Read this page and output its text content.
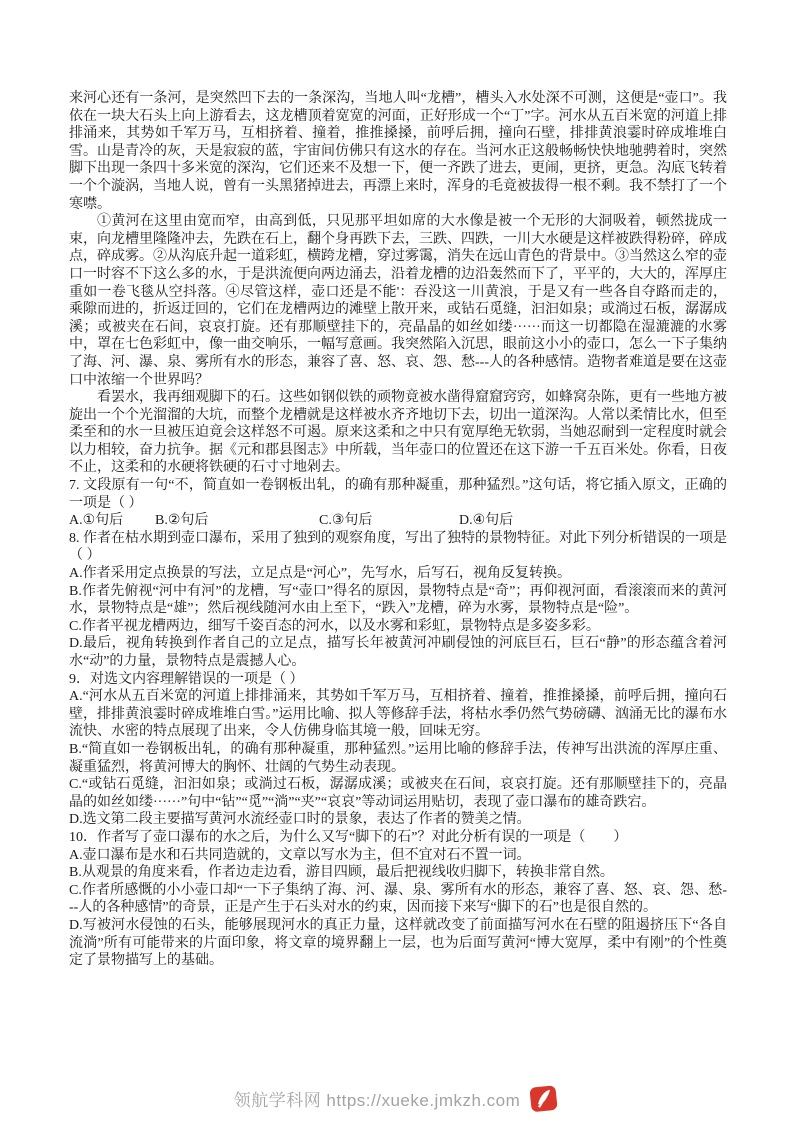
来河心还有一条河，是突然凹下去的一条深沟，当地人叫“龙槽”，槽头入水处深不可测，这便是“壶口”。我依在一块大石头上向上游看去，这龙槽顶着宽宽的河面，正好形成一个“丁”字。河水从五百米宽的河道上排排涌来，其势如千军万马，互相挤着、撞着，推推搡搡，前呼后拥，撞向石壁，排排黄浪霎时碎成堆堆白雪。山是青冷的灰，天是寂寂的蓝，宇宙间仿佛只有这水的存在。当河水正这般畅畅快快地驰骋着时，突然脚下出现一条四十多米宽的深沟，它们还来不及想一下，便一齐跌了进去，更闹，更挤，更急。沟底飞转着一个个漩涡，当地人说，曾有一头黑猪掉进去，再漂上来时，浑身的毛竟被拔得一根不剩。我不禁打了一个寒噤。

①黄河在这里由宽而窄，由高到低，只见那平坦如席的大水像是被一个无形的大洞吸着，顿然拢成一束，向龙槽里隆隆冲去，先跌在石上，翻个身再跌下去，三跌、四跌，一川大水硬是这样被跌得粉碎，碎成点，碎成雾。②从沟底升起一道彩虹，横跨龙槽，穿过雾霭，消失在远山青色的背景中。③当然这么窄的壶口一时容不下这么多的水，于是洪流便向两边涌去，沿着龙槽的边沿轰然而下了，平平的，大大的，浑厚庄重如一卷飞毯从空抖落。④尽管这样，壶口还是不能'：吞没这一川黄浪，于是又有一些各自夺路而走的，乘隙而进的，折返迂回的，它们在龙槽两边的滩壁上散开来，或钻石觅缝，汩汩如泉；或淌过石板，潺潺成溪；或被夹在石间，哀哀打旋。还有那顺壁挂下的，亮晶晶的如丝如缕······而这一切都隐在湿漉漉的水雾中，罩在七色彩虹中，像一曲交响乐，一幅写意画。我突然陷入沉思，眼前这小小的壶口，怎么一下子集纳了海、河、瀑、泉、雾所有水的形态，兼容了喜、怒、哀、怨、愁---人的各种感情。造物者难道是要在这壶口中浓缩一个世界吗？

看罢水，我再细观脚下的石。这些如钢似铁的顽物竟被水凿得窟窟窍窍，如蜂窝杂陈，更有一些地方被旋出一个个光溜溜的大坑，而整个龙槽就是这样被水齐齐地切下去，切出一道深沟。人常以柔情比水，但至柔至和的水一旦被压迫竟会这样怒不可遏。原来这柔和之中只有宽厚绝无软弱，当她忍耐到一定程度时就会以力相较，奋力抗争。据《元和郡县图志》中所载，当年壶口的位置还在这下游一千五百米处。你看，日夜不止，这柔和的水硬将铁硬的石寸寸地剁去。

7. 文段原有一句“不，简直如一卷钢板出轧，的确有那种凝重，那种猛烈。”这句话，将它插入原文，正确的一项是（ ）

A.①句后	B.②句后	C.③句后	D.④句后

8. 作者在枯水期到壶口瀑布，采用了独到的观察角度，写出了独特的景物特征。对此下列分析错误的一项是（ ）

A.作者采用定点换景的写法，立足点是“河心”，先写水，后写石，视角反复转换。

B.作者先俯视“河中有河”的龙槽，写“壶口”得名的原因，景物特点是“奇”；再仰视河面，看滚滚而来的黄河水，景物特点是“雄”；然后视线随河水由上至下，“跌入”龙槽，碎为水雾，景物特点是“险”。

C.作者平视龙槽两边，细写千姿百态的河水，以及水雾和彩虹，景物特点是多姿多彩。

D.最后，视角转换到作者自己的立足点，描写长年被黄河冲刷侵蚀的河底巨石，巨石“静”的形态蕴含着河水“动”的力量，景物特点是震撼人心。

9．对选文内容理解错误的一项是（ ）

A.“河水从五百米宽的河道上排排涌来，其势如千军万马，互相挤着、撞着，推推搡搡，前呼后拥，撞向石壁，排排黄浪霎时碎成堆堆白雪。”运用比喻、拟人等修辞手法，将枯水季仍然气势磅礴、汹涌无比的瀑布水流快、水密的特点展现了出来，令人仿佛身临其境一般，回味无穷。

B.“简直如一卷钢板出轧，的确有那种凝重，那种猛烈。”运用比喻的修辞手法，传神写出洪流的浑厚庄重、凝重猛烈，将黄河博大的胸怀、壮阔的气势生动表现。

C.“或钻石觅缝，汩汩如泉；或淌过石板，潺潺成溪；或被夹在石间，哀哀打旋。还有那顺壁挂下的，亮晶晶的如丝如缕······”句中“钻”“觅”“淌”“夹”“哀哀”等动词运用贴切，表现了壶口瀑布的雄奇跌宕。

D.选文第二段主要描写黄河水流经壶口时的景象，表达了作者的赞美之情。

10．作者写了壶口瀑布的水之后，为什么又写“脚下的石”？对此分析有误的一项是（　　）

A.壶口瀑布是水和石共同造就的，文章以写水为主，但不宜对石不置一词。

B.从观景的角度来看，作者边走边看，游目四顾，最后把视线收归脚下，转换非常自然。

C.作者所感慨的小小壶口却“一下子集纳了海、河、瀑、泉、雾所有水的形态，兼容了喜、怒、哀、怨、愁---人的各种感情”的奇景，正是产生于石头对水的约束，因而接下来写“脚下的石”也是很自然的。

D.写被河水侵蚀的石头，能够展现河水的真正力量，这样就改变了前面描写河水在石壁的阻遏挤压下“各自流淌”所有可能带来的片面印象，将文章的境界翻上一层，也为后面写黄河“博大宽厚，柔中有刚”的个性奠定了景物描写上的基础。

领航学科网 https://xueke.jmkzh.com
